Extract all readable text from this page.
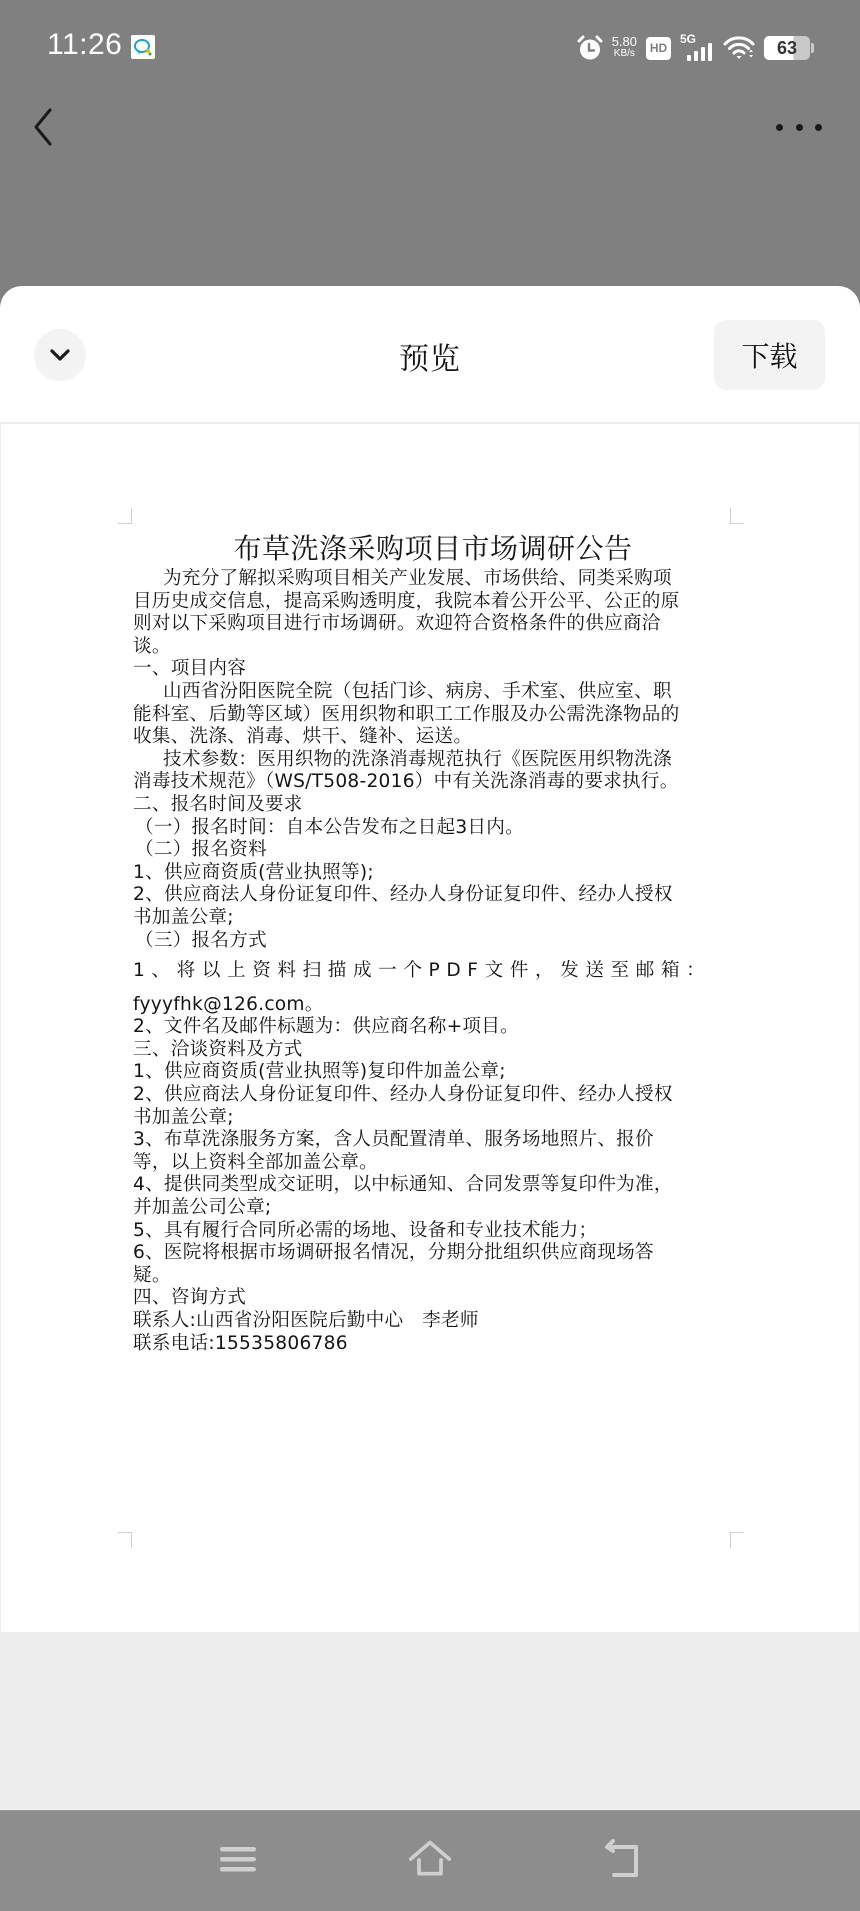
11:26	5.80
KB/s	HD
5G	63
预览	下载
布草洗涤采购项目市场调研公告
为充分了解拟采购项目相关产业发展、市场供给、同类采购项
目历史成交信息，提高采购透明度，我院本着公开公平、公正的原
则对以下采购项目进行市场调研。欢迎符合资格条件的供应商洽
谈。
一、项目内容
山西省汾阳医院全院（包括门诊、病房、手术室、供应室、职
能科室、后勤等区域）医用织物和职工工作服及办公需洗涤物品的
收集、洗涤、消毒、烘干、缝补、运送。
技术参数：医用织物的洗涤消毒规范执行《医院医用织物洗涤
消毒技术规范》（WS/T508-2016）中有关洗涤消毒的要求执行。
二、报名时间及要求
（一）报名时间：自本公告发布之日起3日内。
（二）报名资料
1、供应商资质(营业执照等);
2、供应商法人身份证复印件、经办人身份证复印件、经办人授权
书加盖公章;
（三）报名方式
1、将以上资料扫描成一个PDF文件，发送至邮箱：
fyyyfhk@126.com。
2、文件名及邮件标题为：供应商名称+项目。
三、洽谈资料及方式
1、供应商资质(营业执照等)复印件加盖公章;
2、供应商法人身份证复印件、经办人身份证复印件、经办人授权
书加盖公章;
3、布草洗涤服务方案，含人员配置清单、服务场地照片、报价
等，以上资料全部加盖公章。
4、提供同类型成交证明，以中标通知、合同发票等复印件为准，
并加盖公司公章;
5、具有履行合同所必需的场地、设备和专业技术能力；
6、医院将根据市场调研报名情况，分期分批组织供应商现场答
疑。
四、咨询方式
联系人:山西省汾阳医院后勤中心　李老师
联系电话:15535806786
